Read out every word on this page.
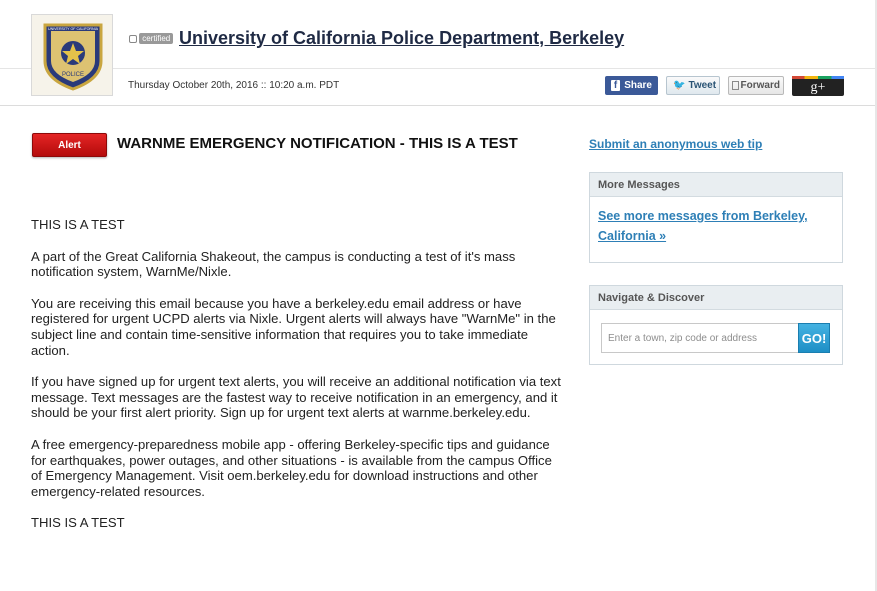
POLICE
UNIVERSITY OF CALIFORNIA
certified University of California Police Department, Berkeley
Thursday October 20th, 2016 :: 10:20 a.m. PDT	f Share 🐦 Tweet Forward g+
Alert WARNME EMERGENCY NOTIFICATION - THIS IS A TEST

THIS IS A TEST

A part of the Great California Shakeout, the campus is conducting a test of it's mass notification system, WarnMe/Nixle.

You are receiving this email because you have a berkeley.edu email address or have registered for urgent UCPD alerts via Nixle. Urgent alerts will always have "WarnMe" in the subject line and contain time-sensitive information that requires you to take immediate action.

If you have signed up for urgent text alerts, you will receive an additional notification via text message. Text messages are the fastest way to receive notification in an emergency, and it should be your first alert priority. Sign up for urgent text alerts at warnme.berkeley.edu.

A free emergency-preparedness mobile app - offering Berkeley-specific tips and guidance for earthquakes, power outages, and other situations - is available from the campus Office of Emergency Management. Visit oem.berkeley.edu for download instructions and other emergency-related resources.

THIS IS A TEST

Submit an anonymous web tip
More Messages
See more messages from Berkeley, California »
Navigate & Discover
Enter a town, zip code or address
GO!
